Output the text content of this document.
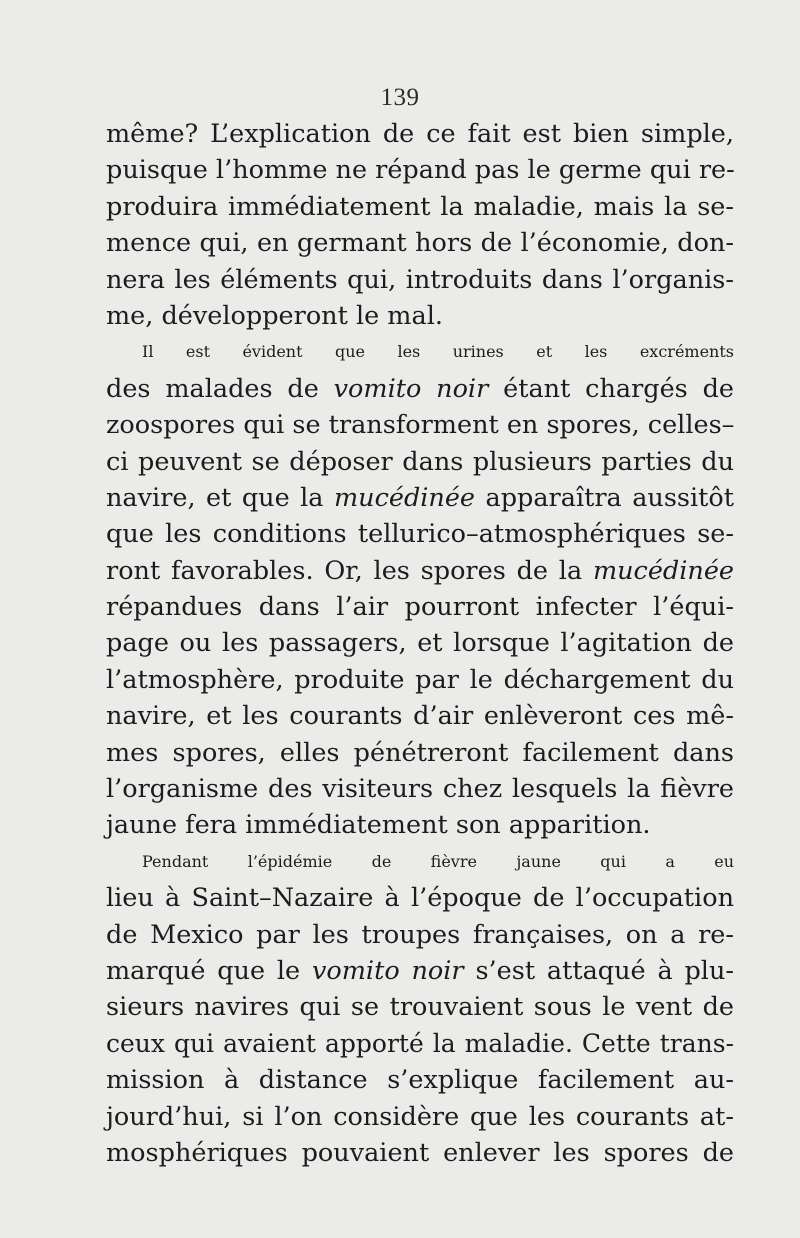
139
même? L’explication de ce fait est bien simple,
puisque l’homme ne répand pas le germe qui re-
produira immédiatement la maladie, mais la se-
mence qui, en germant hors de l’économie, don-
nera les éléments qui, introduits dans l’organis-
me, développeront le mal.
Il est évident que les urines et les excréments
des malades de vomito noir étant chargés de
zoospores qui se transforment en spores, celles–
ci peuvent se déposer dans plusieurs parties du
navire, et que la mucédinée apparaîtra aussitôt
que les conditions tellurico–atmosphériques se-
ront favorables. Or, les spores de la mucédinée
répandues dans l’air pourront infecter l’équi-
page ou les passagers, et lorsque l’agitation de
l’atmosphère, produite par le déchargement du
navire, et les courants d’air enlèveront ces mê-
mes spores, elles pénétreront facilement dans
l’organisme des visiteurs chez lesquels la fièvre
jaune fera immédiatement son apparition.
Pendant l’épidémie de fièvre jaune qui a eu
lieu à Saint–Nazaire à l’époque de l’occupation
de Mexico par les troupes françaises, on a re-
marqué que le vomito noir s’est attaqué à plu-
sieurs navires qui se trouvaient sous le vent de
ceux qui avaient apporté la maladie. Cette trans-
mission à distance s’explique facilement au-
jourd’hui, si l’on considère que les courants at-
mosphériques pouvaient enlever les spores de
